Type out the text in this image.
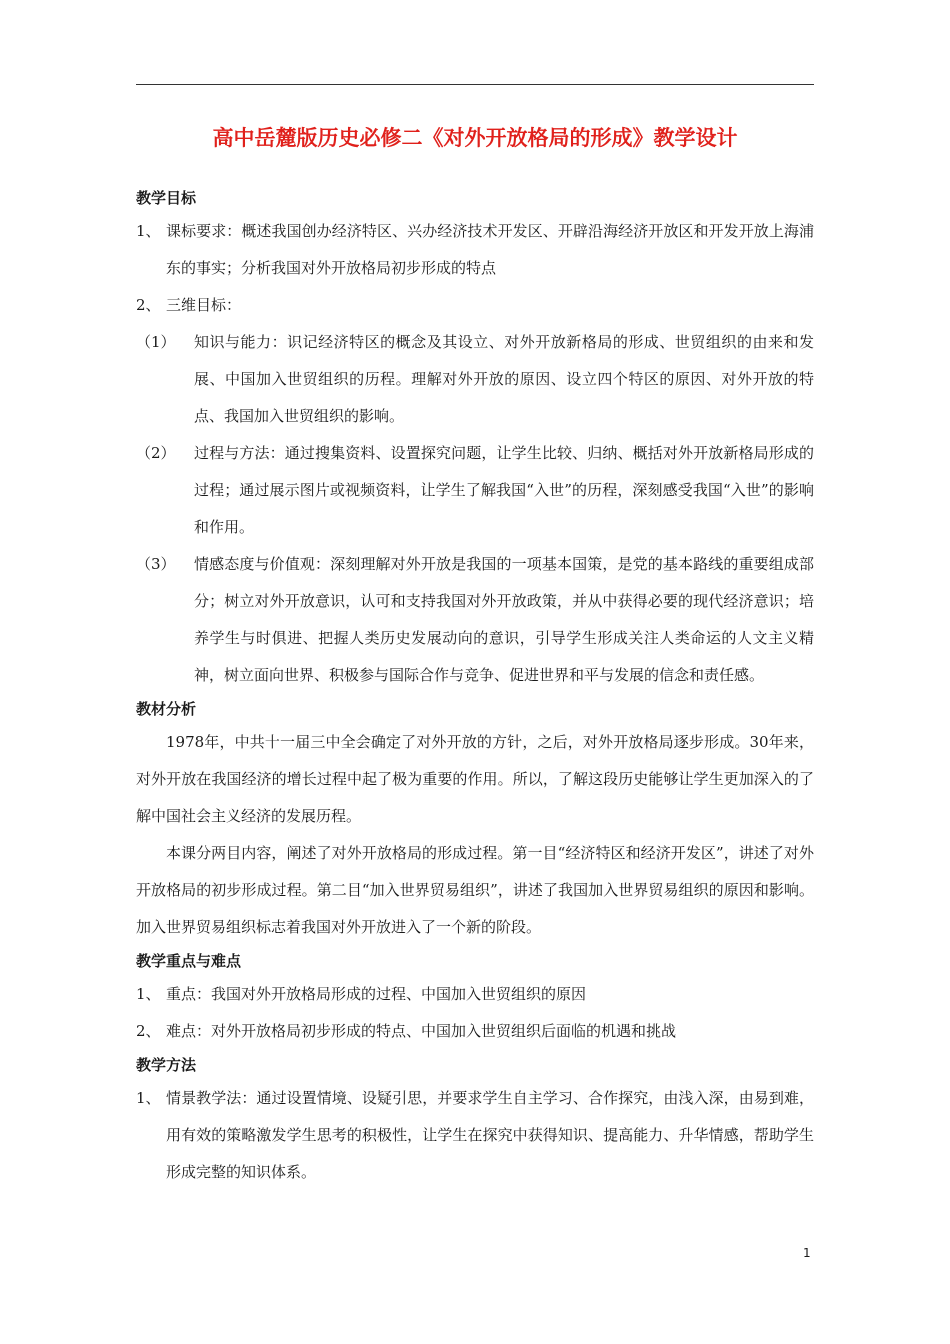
高中岳麓版历史必修二《对外开放格局的形成》教学设计
教学目标
1、 课标要求：概述我国创办经济特区、兴办经济技术开发区、开辟沿海经济开放区和开发开放上海浦东的事实；分析我国对外开放格局初步形成的特点
2、 三维目标：
（1）	知识与能力：识记经济特区的概念及其设立、对外开放新格局的形成、世贸组织的由来和发展、中国加入世贸组织的历程。理解对外开放的原因、设立四个特区的原因、对外开放的特点、我国加入世贸组织的影响。
（2）	过程与方法：通过搜集资料、设置探究问题，让学生比较、归纳、概括对外开放新格局形成的过程；通过展示图片或视频资料，让学生了解我国“入世”的历程，深刻感受我国“入世”的影响和作用。
（3）	情感态度与价值观：深刻理解对外开放是我国的一项基本国策，是党的基本路线的重要组成部分；树立对外开放意识，认可和支持我国对外开放政策，并从中获得必要的现代经济意识；培养学生与时俱进、把握人类历史发展动向的意识，引导学生形成关注人类命运的人文主义精神，树立面向世界、积极参与国际合作与竞争、促进世界和平与发展的信念和责任感。
教材分析
1978年，中共十一届三中全会确定了对外开放的方针，之后，对外开放格局逐步形成。30年来，对外开放在我国经济的增长过程中起了极为重要的作用。所以，了解这段历史能够让学生更加深入的了解中国社会主义经济的发展历程。
本课分两目内容，阐述了对外开放格局的形成过程。第一目“经济特区和经济开发区”，讲述了对外开放格局的初步形成过程。第二目“加入世界贸易组织”，讲述了我国加入世界贸易组织的原因和影响。加入世界贸易组织标志着我国对外开放进入了一个新的阶段。
教学重点与难点
1、 重点：我国对外开放格局形成的过程、中国加入世贸组织的原因
2、 难点：对外开放格局初步形成的特点、中国加入世贸组织后面临的机遇和挑战
教学方法
1、 情景教学法：通过设置情境、设疑引思，并要求学生自主学习、合作探究，由浅入深，由易到难，用有效的策略激发学生思考的积极性，让学生在探究中获得知识、提高能力、升华情感，帮助学生形成完整的知识体系。
1
